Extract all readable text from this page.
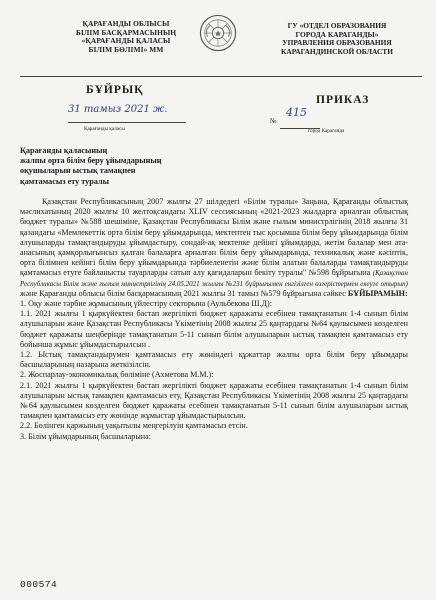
ҚАРАҒАНДЫ ОБЛЫСЫ
БІЛІМ БАСҚАРМАСЫНЫҢ
«ҚАРАҒАНДЫ ҚАЛАСЫ
БІЛІМ БӨЛІМІ» ММ
ГУ «ОТДЕЛ ОБРАЗОВАНИЯ
ГОРОДА КАРАГАНДЫ»
УПРАВЛЕНИЯ ОБРАЗОВАНИЯ
КАРАГАНДИНСКОЙ ОБЛАСТИ
БҰЙРЫҚ
ПРИКАЗ
31 тамыз 2021 ж.
№
415
Қарағанды қаласы	город Караганда
Қарағанды қаласының
жалпы орта білім беру ұйымдарының
оқушыларын ыстық тамақпен
қамтамасыз ету туралы

Қазақстан Республикасының 2007 жылғы 27 шілдедегі «Білім туралы» Заңына, Қарағанды облыстық мәслихатының 2020 жылғы 10 желтоқсандағы XLIV сессиясының «2021-2023 жылдарға арналған облыстық бюджет туралы» №588 шешіміне, Қазақстан Республикасы Білім және ғылым министрлігінің 2018 жылғы 31 қазандағы «Мемлекеттік орта білім беру ұйымдарында, мектептен тыс қосымша білім беру ұйымдарында білім алушыларды тамақтандыруды ұйымдастыру, сондай-ақ мектепке дейінгі ұйымдарда, жетім балалар мен ата-анасының қамқорлығынсыз қалған балаларға арналған білім беру ұйымдарында, техникалық және кәсіптік, орта білімнен кейінгі білім беру ұйымдарында тәрбиеленетін және білім алатын балаларды тамақтандыруды қамтамасыз етуге байланысты тауарларды сатып алу қағидаларын бекіту туралы" №598 бұйрығына (Қазақстан Республикасы Білім және ғылым министрлігінің 24.05.2021 жылғы №231 бұйрығымен енгізілген өзгерістермен екеуге отырып) және Қарағанды облысы білім басқармасының 2021 жылғы 31 тамыз №579 бұйрығына сәйкес БҰЙЫРАМЫН:

1. Оқу және тәрбие жұмысының үйлестіру секторына (Аульбекова Ш.Д):

1.1. 2021 жылғы 1 қыркүйектен бастап жергілікті бюджет қаражаты есебінен тамақтанатын 1-4 сынып білім алушыларын және Қазақстан Республикасы Үкіметінің 2008 жылғы 25 қаңтардағы №64 қаулысымен көзделген бюджет қаражаты шеңберінде тамақтанатын 5-11 сынып білім алушыларын ыстық тамақпен қамтамасыз ету бойынша жұмыс ұйымдастырылсын .

1.2. Ыстық тамақтандырумен қамтамасыз ету жөніндегі құжаттар жалпы орта білім беру ұйымдары басшыларының назарына жеткізілсін.

2. Жоспарлау-экономикалық бөліміне (Ахметова М.М.):

2.1. 2021 жылғы 1 қыркүйектен бастап жергілікті бюджет қаражаты есебінен тамақтанатын 1-4 сынып білім алушыларын ыстық тамақпен қамтамасыз ету, Қазақстан Республикасы Үкіметінің 2008 жылғы 25 қаңтардағы №64 қаулысымен көзделген бюджет қаражаты есебінен тамақтанатын 5-11 сынып білім алушыларын ыстық тамақпен қамтамасыз ету жөнінде жұмыстар ұйымдастырылсын.

2.2. Бөлінген қаржының уақытылы меңгерілуін қамтамасыз етсін.

3. Білім ұйымдарының басшыларына:

000574
